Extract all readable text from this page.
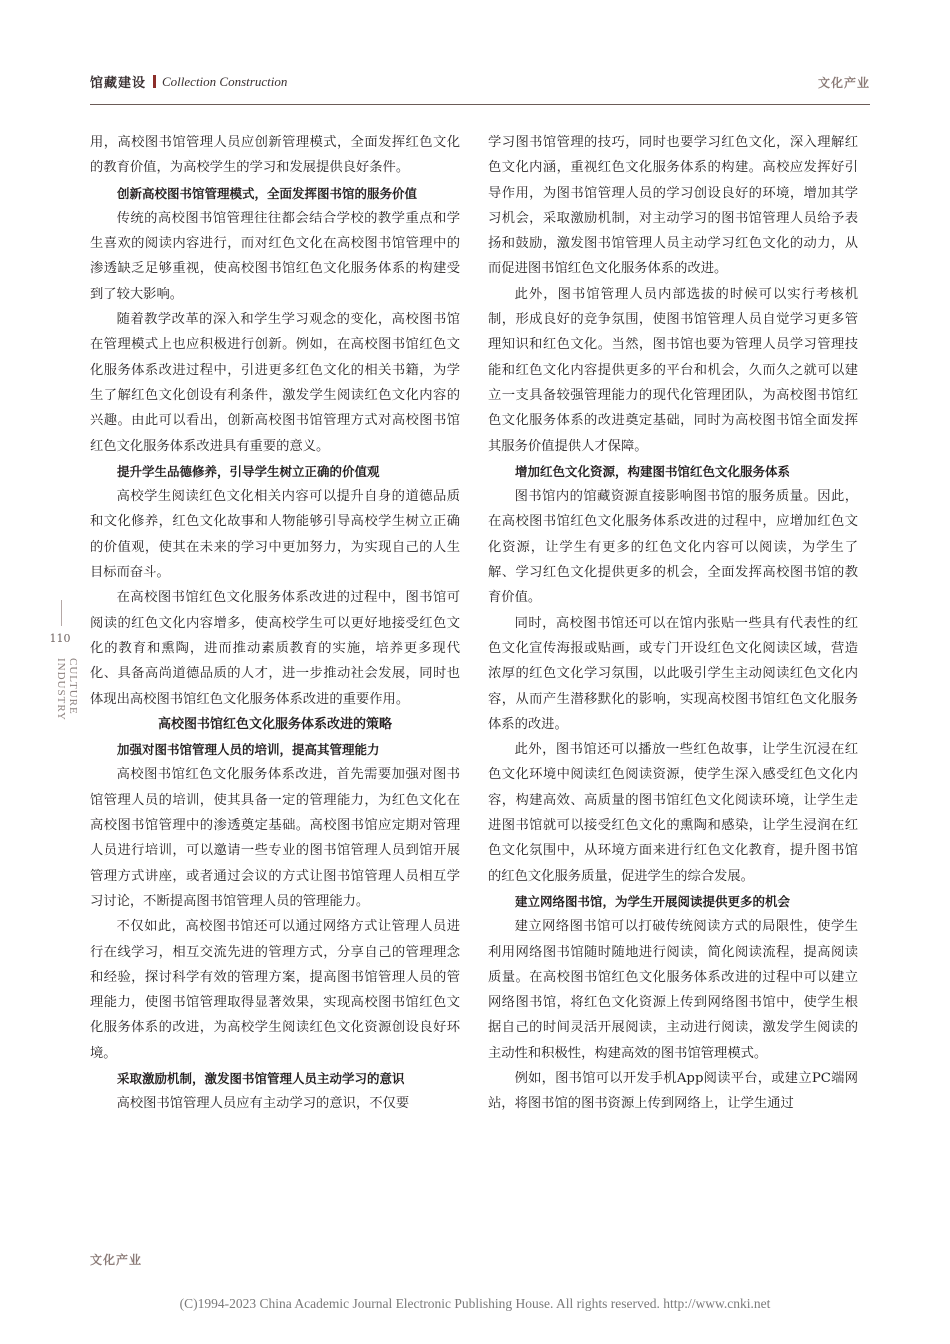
馆藏建设 Collection Construction	文化产业
110
CULTURE INDUSTRY

用，高校图书馆管理人员应创新管理模式，全面发挥红色文化的教育价值，为高校学生的学习和发展提供良好条件。

创新高校图书馆管理模式，全面发挥图书馆的服务价值

传统的高校图书馆管理往往都会结合学校的教学重点和学生喜欢的阅读内容进行，而对红色文化在高校图书馆管理中的渗透缺乏足够重视，使高校图书馆红色文化服务体系的构建受到了较大影响。

随着教学改革的深入和学生学习观念的变化，高校图书馆在管理模式上也应积极进行创新。例如，在高校图书馆红色文化服务体系改进过程中，引进更多红色文化的相关书籍，为学生了解红色文化创设有利条件，激发学生阅读红色文化内容的兴趣。由此可以看出，创新高校图书馆管理方式对高校图书馆红色文化服务体系改进具有重要的意义。

提升学生品德修养，引导学生树立正确的价值观

高校学生阅读红色文化相关内容可以提升自身的道德品质和文化修养，红色文化故事和人物能够引导高校学生树立正确的价值观，使其在未来的学习中更加努力，为实现自己的人生目标而奋斗。

在高校图书馆红色文化服务体系改进的过程中，图书馆可阅读的红色文化内容增多，使高校学生可以更好地接受红色文化的教育和熏陶，进而推动素质教育的实施，培养更多现代化、具备高尚道德品质的人才，进一步推动社会发展，同时也体现出高校图书馆红色文化服务体系改进的重要作用。

高校图书馆红色文化服务体系改进的策略

加强对图书馆管理人员的培训，提高其管理能力

高校图书馆红色文化服务体系改进，首先需要加强对图书馆管理人员的培训，使其具备一定的管理能力，为红色文化在高校图书馆管理中的渗透奠定基础。高校图书馆应定期对管理人员进行培训，可以邀请一些专业的图书馆管理人员到馆开展管理方式讲座，或者通过会议的方式让图书馆管理人员相互学习讨论，不断提高图书馆管理人员的管理能力。

不仅如此，高校图书馆还可以通过网络方式让管理人员进行在线学习，相互交流先进的管理方式，分享自己的管理理念和经验，探讨科学有效的管理方案，提高图书馆管理人员的管理能力，使图书馆管理取得显著效果，实现高校图书馆红色文化服务体系的改进，为高校学生阅读红色文化资源创设良好环境。

采取激励机制，激发图书馆管理人员主动学习的意识

高校图书馆管理人员应有主动学习的意识，不仅要

学习图书馆管理的技巧，同时也要学习红色文化，深入理解红色文化内涵，重视红色文化服务体系的构建。高校应发挥好引导作用，为图书馆管理人员的学习创设良好的环境，增加其学习机会，采取激励机制，对主动学习的图书馆管理人员给予表扬和鼓励，激发图书馆管理人员主动学习红色文化的动力，从而促进图书馆红色文化服务体系的改进。

此外，图书馆管理人员内部选拔的时候可以实行考核机制，形成良好的竞争氛围，使图书馆管理人员自觉学习更多管理知识和红色文化。当然，图书馆也要为管理人员学习管理技能和红色文化内容提供更多的平台和机会，久而久之就可以建立一支具备较强管理能力的现代化管理团队，为高校图书馆红色文化服务体系的改进奠定基础，同时为高校图书馆全面发挥其服务价值提供人才保障。

增加红色文化资源，构建图书馆红色文化服务体系

图书馆内的馆藏资源直接影响图书馆的服务质量。因此，在高校图书馆红色文化服务体系改进的过程中，应增加红色文化资源，让学生有更多的红色文化内容可以阅读，为学生了解、学习红色文化提供更多的机会，全面发挥高校图书馆的教育价值。

同时，高校图书馆还可以在馆内张贴一些具有代表性的红色文化宣传海报或贴画，或专门开设红色文化阅读区域，营造浓厚的红色文化学习氛围，以此吸引学生主动阅读红色文化内容，从而产生潜移默化的影响，实现高校图书馆红色文化服务体系的改进。

此外，图书馆还可以播放一些红色故事，让学生沉浸在红色文化环境中阅读红色阅读资源，使学生深入感受红色文化内容，构建高效、高质量的图书馆红色文化阅读环境，让学生走进图书馆就可以接受红色文化的熏陶和感染，让学生浸润在红色文化氛围中，从环境方面来进行红色文化教育，提升图书馆的红色文化服务质量，促进学生的综合发展。

建立网络图书馆，为学生开展阅读提供更多的机会

建立网络图书馆可以打破传统阅读方式的局限性，使学生利用网络图书馆随时随地进行阅读，简化阅读流程，提高阅读质量。在高校图书馆红色文化服务体系改进的过程中可以建立网络图书馆，将红色文化资源上传到网络图书馆中，使学生根据自己的时间灵活开展阅读，主动进行阅读，激发学生阅读的主动性和积极性，构建高效的图书馆管理模式。

例如，图书馆可以开发手机App阅读平台，或建立PC端网站，将图书馆的图书资源上传到网络上，让学生通过

文化产业
(C)1994-2023 China Academic Journal Electronic Publishing House. All rights reserved. http://www.cnki.net
